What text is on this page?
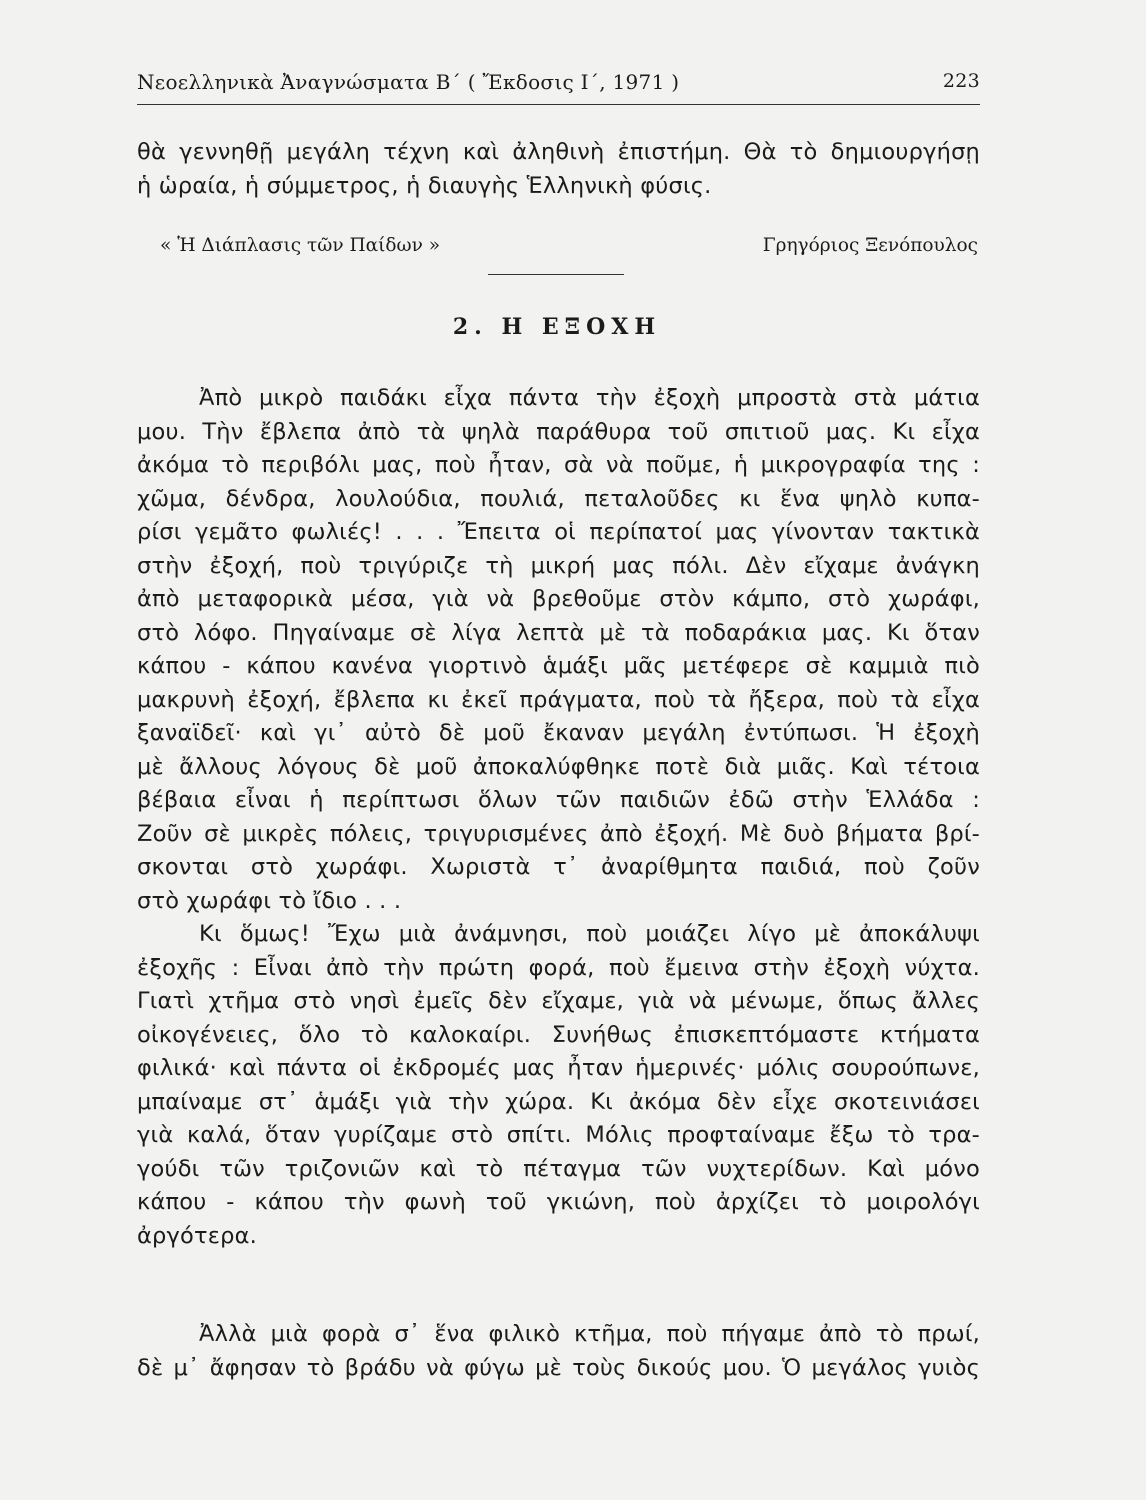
Νεοελληνικὰ Ἀναγνώσματα Β΄ ( Ἔκδοσις Ι΄, 1971 )	223

θὰ γεννηθῇ μεγάλη τέχνη καὶ ἀληθινὴ ἐπιστήμη. Θὰ τὸ δημιουργήσῃ

ἡ ὡραία, ἡ σύμμετρος, ἡ διαυγὴς Ἑλληνικὴ φύσις.

« Ἡ Διάπλασις τῶν Παίδων »	Γρηγόριος Ξενόπουλος
2. Η ΕΞΟΧΗ

Ἀπὸ μικρὸ παιδάκι εἶχα πάντα τὴν ἐξοχὴ μπροστὰ στὰ μάτια

μου. Τὴν ἔβλεπα ἀπὸ τὰ ψηλὰ παράθυρα τοῦ σπιτιοῦ μας. Κι εἶχα

ἀκόμα τὸ περιβόλι μας, ποὺ ἦταν, σὰ νὰ ποῦμε, ἡ μικρογραφία της :

χῶμα, δένδρα, λουλούδια, πουλιά, πεταλοῦδες κι ἕνα ψηλὸ κυπα-

ρίσι γεμᾶτο φωλιές! . . . Ἔπειτα οἱ περίπατοί μας γίνονταν τακτικὰ

στὴν ἐξοχή, ποὺ τριγύριζε τὴ μικρή μας πόλι. Δὲν εἴχαμε ἀνάγκη

ἀπὸ μεταφορικὰ μέσα, γιὰ νὰ βρεθοῦμε στὸν κάμπο, στὸ χωράφι,

στὸ λόφο. Πηγαίναμε σὲ λίγα λεπτὰ μὲ τὰ ποδαράκια μας. Κι ὅταν

κάπου - κάπου κανένα γιορτινὸ ἁμάξι μᾶς μετέφερε σὲ καμμιὰ πιὸ

μακρυνὴ ἐξοχή, ἔβλεπα κι ἐκεῖ πράγματα, ποὺ τὰ ἤξερα, ποὺ τὰ εἶχα

ξαναϊδεῖ· καὶ γι᾽ αὐτὸ δὲ μοῦ ἔκαναν μεγάλη ἐντύπωσι. Ἡ ἐξοχὴ

μὲ ἄλλους λόγους δὲ μοῦ ἀποκαλύφθηκε ποτὲ διὰ μιᾶς. Καὶ τέτοια

βέβαια εἶναι ἡ περίπτωσι ὅλων τῶν παιδιῶν ἐδῶ στὴν Ἑλλάδα :

Ζοῦν σὲ μικρὲς πόλεις, τριγυρισμένες ἀπὸ ἐξοχή. Μὲ δυὸ βήματα βρί-

σκονται στὸ χωράφι. Χωριστὰ τ᾽ ἀναρίθμητα παιδιά, ποὺ ζοῦν

στὸ χωράφι τὸ ἴδιο . . .

Κι ὅμως! Ἔχω μιὰ ἀνάμνησι, ποὺ μοιάζει λίγο μὲ ἀποκάλυψι

ἐξοχῆς : Εἶναι ἀπὸ τὴν πρώτη φορά, ποὺ ἔμεινα στὴν ἐξοχὴ νύχτα.

Γιατὶ χτῆμα στὸ νησὶ ἐμεῖς δὲν εἴχαμε, γιὰ νὰ μένωμε, ὅπως ἄλλες

οἰκογένειες, ὅλο τὸ καλοκαίρι. Συνήθως ἐπισκεπτόμαστε κτήματα

φιλικά· καὶ πάντα οἱ ἐκδρομές μας ἦταν ἡμερινές· μόλις σουρούπωνε,

μπαίναμε στ᾽ ἁμάξι γιὰ τὴν χώρα. Κι ἀκόμα δὲν εἶχε σκοτεινιάσει

γιὰ καλά, ὅταν γυρίζαμε στὸ σπίτι. Μόλις προφταίναμε ἔξω τὸ τρα-

γούδι τῶν τριζονιῶν καὶ τὸ πέταγμα τῶν νυχτερίδων. Καὶ μόνο

κάπου - κάπου τὴν φωνὴ τοῦ γκιώνη, ποὺ ἀρχίζει τὸ μοιρολόγι

ἀργότερα.

Ἀλλὰ μιὰ φορὰ σ᾽ ἕνα φιλικὸ κτῆμα, ποὺ πήγαμε ἀπὸ τὸ πρωί,

δὲ μ᾽ ἄφησαν τὸ βράδυ νὰ φύγω μὲ τοὺς δικούς μου. Ὁ μεγάλος γυιὸς
